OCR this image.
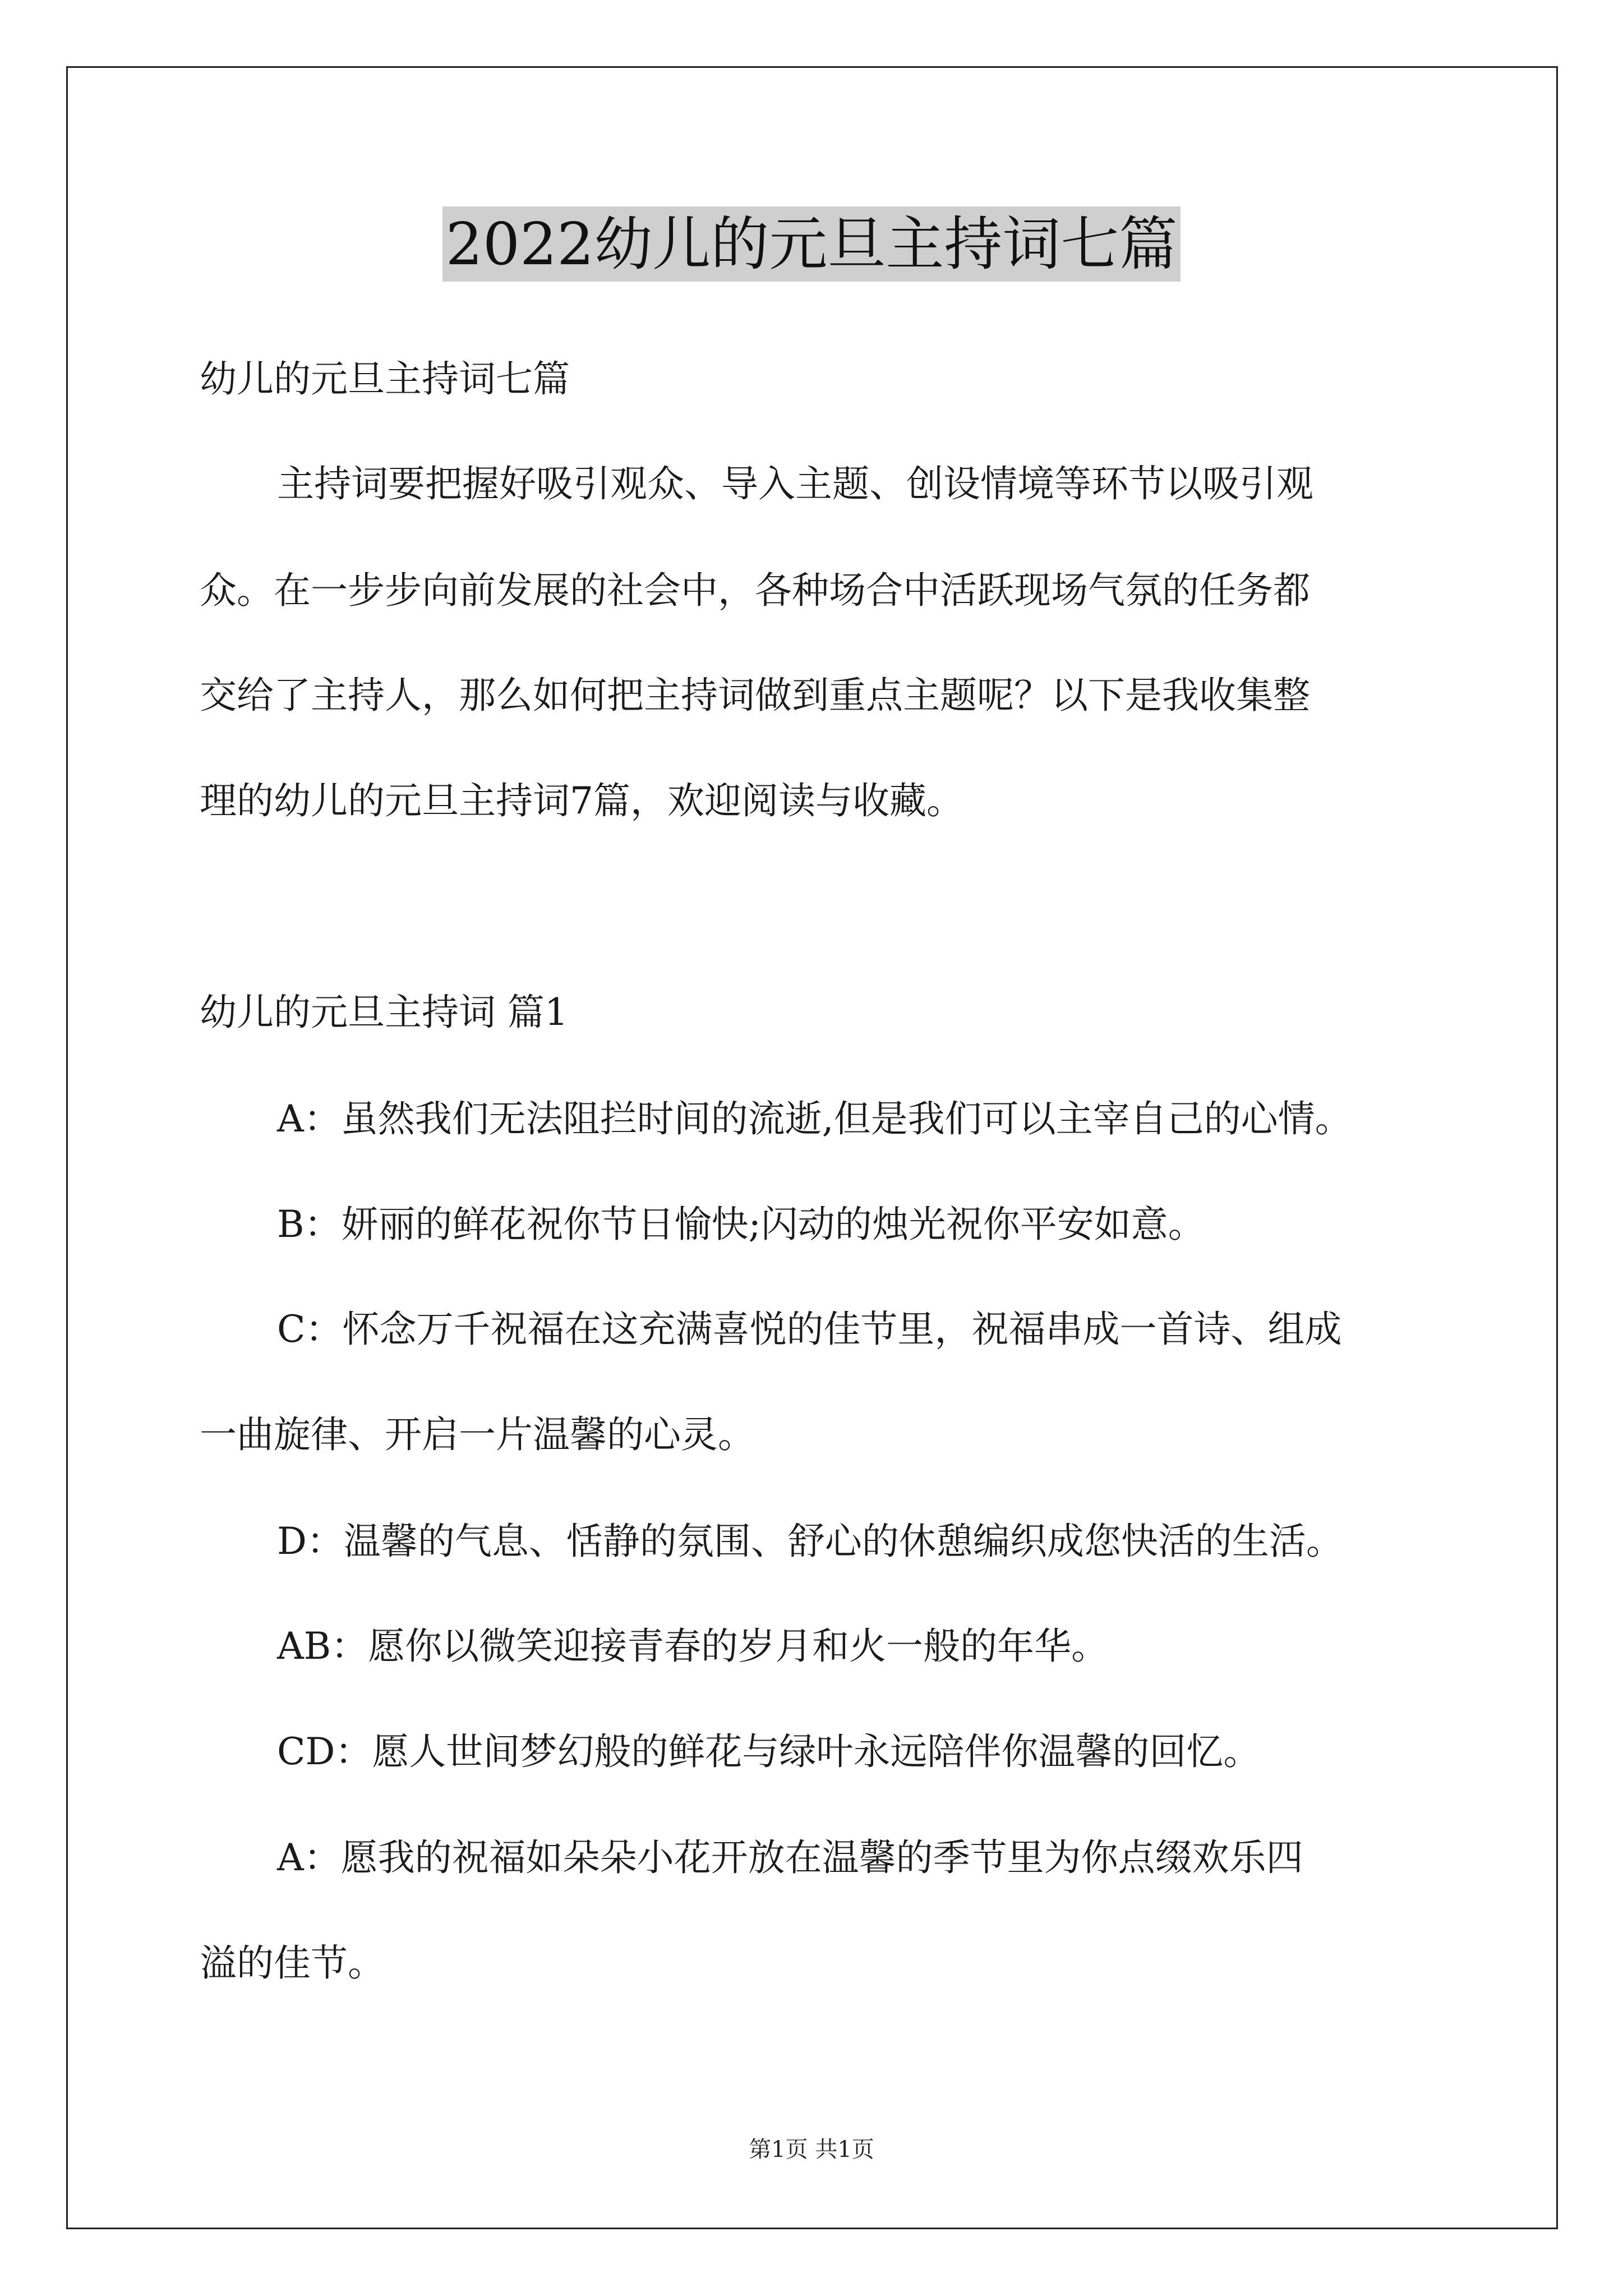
2022幼儿的元旦主持词七篇
幼儿的元旦主持词七篇
主持词要把握好吸引观众、导入主题、创设情境等环节以吸引观
众。在一步步向前发展的社会中，各种场合中活跃现场气氛的任务都
交给了主持人，那么如何把主持词做到重点主题呢？以下是我收集整
理的幼儿的元旦主持词7篇，欢迎阅读与收藏。
幼儿的元旦主持词 篇1
A：虽然我们无法阻拦时间的流逝,但是我们可以主宰自己的心情。
B：妍丽的鲜花祝你节日愉快;闪动的烛光祝你平安如意。
C：怀念万千祝福在这充满喜悦的佳节里，祝福串成一首诗、组成
一曲旋律、开启一片温馨的心灵。
D：温馨的气息、恬静的氛围、舒心的休憩编织成您快活的生活。
AB：愿你以微笑迎接青春的岁月和火一般的年华。
CD：愿人世间梦幻般的鲜花与绿叶永远陪伴你温馨的回忆。
A：愿我的祝福如朵朵小花开放在温馨的季节里为你点缀欢乐四
溢的佳节。
第1页 共1页
